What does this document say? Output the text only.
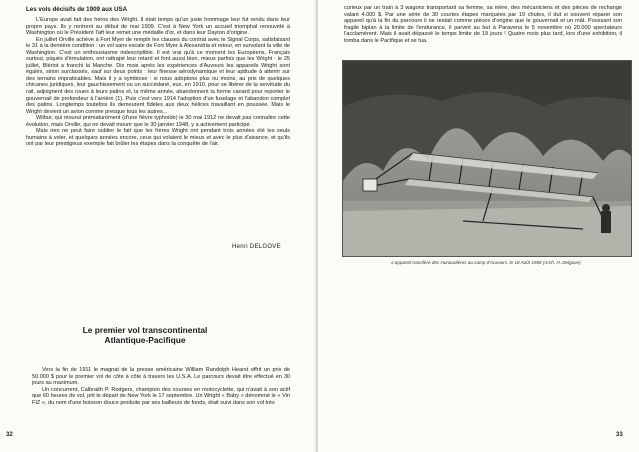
Les vols décisifs de 1909 aux USA

L'Europe avait fait des héros des Wright. Il était temps qu'un juste hommage leur fut rendu dans leur propre pays. Ils y rentrent au début de mai 1909. C'est à New York un accueil triomphal renouvelé à Washington où le Président Taft leur remet une médaille d'or, et dans leur Dayton d'origine.

En juillet Orville achève à Fort Myer de remplir les clauses du contrat avec le Signal Corps, satisfaisant le 31 à la dernière condition : un vol sans escale de Fort Myer à Alexandria et retour, en survolant la ville de Washington. C'est un enthousiasme indescriptible. Il est vrai qu'à ce moment les Européens, Français surtout, piqués d'émulation, ont rattrapé leur retard et font aussi bien, mieux parfois que les Wright : le 25 juillet, Blériot a franchi la Manche. Dix mois après les expériences d'Auvours les appareils Wright sont égalés, sinon surclassés, sauf sur deux points : leur finesse aérodynamique et leur aptitude à atterrir sur des terrains impraticables. Mais il y a symbiose : si nous adoptons plus ou moins, au prix de quelques chicanes juridiques, leur gauchissement ou un succédané, eux, en 1910, pour se libérer de la servitude du rail, adjoignent des roues à leurs patins et, la même année, abandonnent la forme canard pour reporter le gouvernail de profondeur à l'arrière (1). Puis c'est vers 1914 l'adoption d'un fuselage et l'abandon complet des patins. Longtemps toutefois ils demeurent fidèles aux deux hélices travaillant en poussée. Mais le Wright devient un avion comme presque tous les autres...

Wilbur, qui mourut prématurément (d'une fièvre typhoïde) le 30 mai 1912 ne devait pas connaître cette évolution, mais Orville, qui ne devait mourir que le 30 janvier 1948, y a activement participé.

Mais rien ne peut faire oublier le fait que les frères Wright ont pendant trois années été les seuls humains à voler, et quelques années encore, ceux qui volaient le mieux et avec le plus d'aisance, et qu'ils ont par leur prestigieux exemple fait brûler les étapes dans la conquête de l'air.

Henri DELGOVE
Le premier vol transcontinental
Atlantique-Pacifique

Vers la fin de 1911 le magnat de la presse américaine William Randolph Hearst offrit un prix de 50.000 $ pour le premier vol de côte à côte à travers les U.S.A. Le parcours devait être effectué en 30 jours au maximum.

Un concurrent, Calbraith P. Rodgers, champion des courses en motocyclette, qui n'avait à son actif que 60 heures de vol, prit le départ de New York le 17 septembre. Un Wright « Baby » dénommé le « Vin FIZ », du nom d'une boisson douce produite par ses bailleurs de fonds, était suivi dans son vol très

32

curieux par un train à 3 wagons transportant sa femme, sa mère, des mécaniciens et des pièces de rechange valant 4.000 $. Par une série de 30 courtes étapes marquées par 19 chutes, il dut si souvent réparer son appareil qu'à la fin du parcours il ne restait comme pièces d'origine que le gouvernail et un mât. Poussant son fragile biplan à la limite de l'endurance, il parvint au but à Paravena le 5 novembre où 20.000 spectateurs l'acclamèrent. Mais il avait dépassé le temps limite de 19 jours ! Quatre mois plus tard, lors d'une exhibition, il tomba dans le Pacifique et se tua.

L'appareil transféré des Hunaudières au camp d'Auvours, le 18 Août 1908 (Arch. H. Delgove)
33
